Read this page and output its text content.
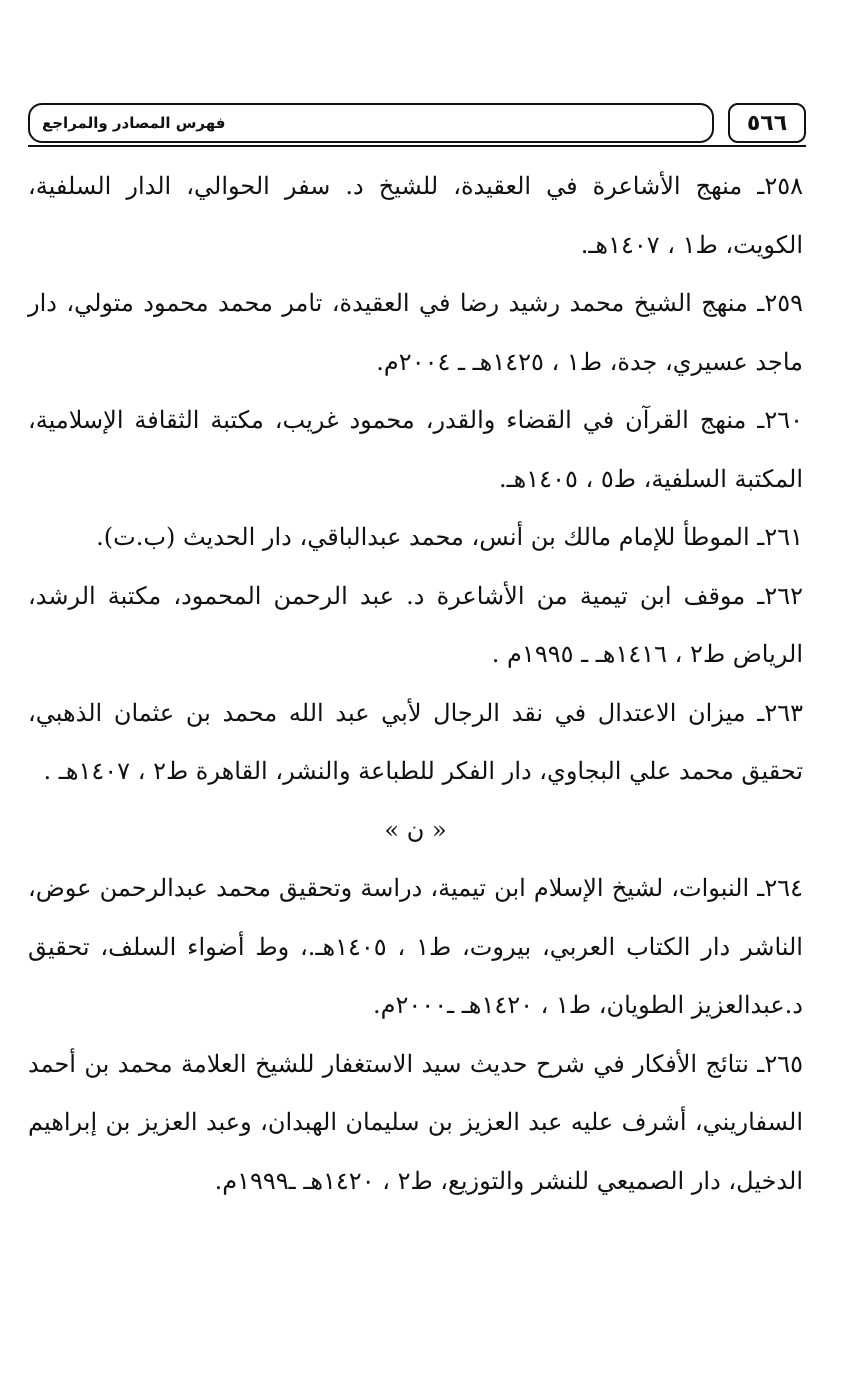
٥٦٦
فهرس المصادر والمراجع

٢٥٨ـ منهج الأشاعرة في العقيدة، للشيخ د. سفر الحوالي، الدار السلفية، الكويت، ط١ ، ١٤٠٧هـ.

٢٥٩ـ منهج الشيخ محمد رشيد رضا في العقيدة، تامر محمد محمود متولي، دار ماجد عسيري، جدة، ط١ ، ١٤٢٥هـ ـ ٢٠٠٤م.

٢٦٠ـ منهج القرآن في القضاء والقدر، محمود غريب، مكتبة الثقافة الإسلامية، المكتبة السلفية، ط٥ ، ١٤٠٥هـ.

٢٦١ـ الموطأ للإمام مالك بن أنس، محمد عبدالباقي، دار الحديث (ب.ت).

٢٦٢ـ موقف ابن تيمية من الأشاعرة د. عبد الرحمن المحمود، مكتبة الرشد، الرياض ط٢ ، ١٤١٦هـ ـ ١٩٩٥م .

٢٦٣ـ ميزان الاعتدال في نقد الرجال لأبي عبد الله محمد بن عثمان الذهبي، تحقيق محمد علي البجاوي، دار الفكر للطباعة والنشر، القاهرة ط٢ ، ١٤٠٧هـ .

« ن »

٢٦٤ـ النبوات، لشيخ الإسلام ابن تيمية، دراسة وتحقيق محمد عبدالرحمن عوض، الناشر دار الكتاب العربي، بيروت، ط١ ، ١٤٠٥هـ.، وط أضواء السلف، تحقيق د.عبدالعزيز الطويان، ط١ ، ١٤٢٠هـ ـ٢٠٠٠م.

٢٦٥ـ نتائج الأفكار في شرح حديث سيد الاستغفار للشيخ العلامة محمد بن أحمد السفاريني، أشرف عليه عبد العزيز بن سليمان الهبدان، وعبد العزيز بن إبراهيم الدخيل، دار الصميعي للنشر والتوزيع، ط٢ ، ١٤٢٠هـ ـ١٩٩٩م.
